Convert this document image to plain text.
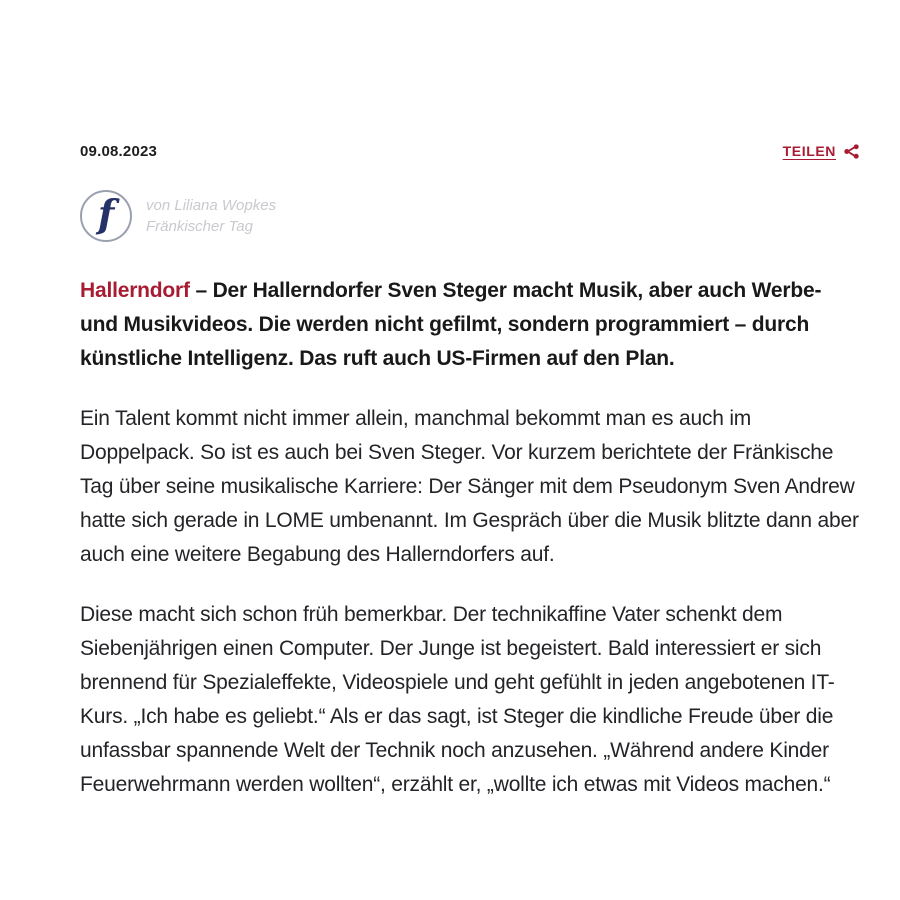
09.08.2023	TEILEN
f von Liliana Wopkes
Fränkischer Tag

Hallerndorf – Der Hallerndorfer Sven Steger macht Musik, aber auch Werbe- und Musikvideos. Die werden nicht gefilmt, sondern programmiert – durch künstliche Intelligenz. Das ruft auch US-Firmen auf den Plan.

Ein Talent kommt nicht immer allein, manchmal bekommt man es auch im Doppelpack. So ist es auch bei Sven Steger. Vor kurzem berichtete der Fränkische Tag über seine musikalische Karriere: Der Sänger mit dem Pseudonym Sven Andrew hatte sich gerade in LOME umbenannt. Im Gespräch über die Musik blitzte dann aber auch eine weitere Begabung des Hallerndorfers auf.

Diese macht sich schon früh bemerkbar. Der technikaffine Vater schenkt dem Siebenjährigen einen Computer. Der Junge ist begeistert. Bald interessiert er sich brennend für Spezialeffekte, Videospiele und geht gefühlt in jeden angebotenen IT-Kurs. „Ich habe es geliebt.“ Als er das sagt, ist Steger die kindliche Freude über die unfassbar spannende Welt der Technik noch anzusehen. „Während andere Kinder Feuerwehrmann werden wollten“, erzählt er, „wollte ich etwas mit Videos machen.“
